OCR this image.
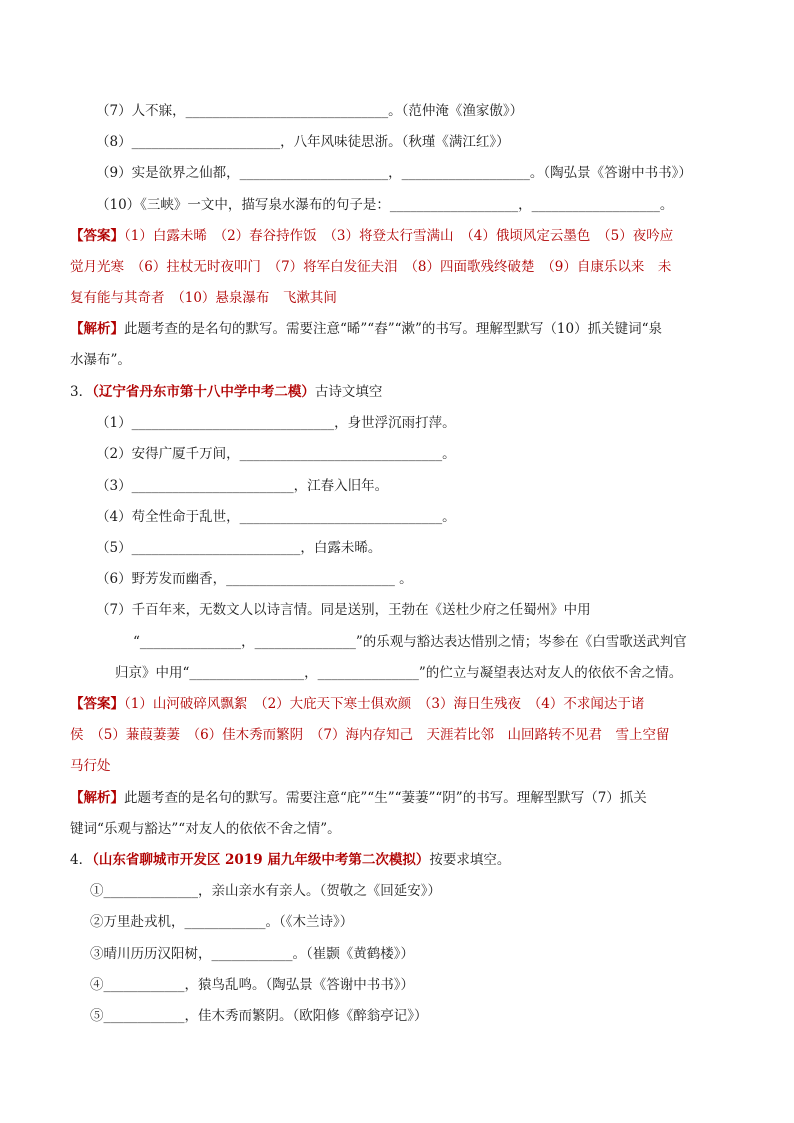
（7）人不寐，______________________________。（范仲淹《渔家傲》）
（8）______________________，八年风味徒思浙。（秋瑾《满江红》）
（9）实是欲界之仙都，______________________，___________________。（陶弘景《答谢中书书》）
（10）《三峡》一文中，描写泉水瀑布的句子是：___________________，___________________。
【答案】（1）白露未晞　（2）春谷持作饭　（3）将登太行雪满山　（4）俄顷风定云墨色　（5）夜吟应
觉月光寒　（6）拄杖无时夜叩门　（7）将军白发征夫泪　（8）四面歌残终破楚　（9）自康乐以来　未
复有能与其奇者　（10）悬泉瀑布　飞漱其间
【解析】此题考查的是名句的默写。需要注意“晞”“舂”“漱”的书写。理解型默写（10）抓关键词“泉
水瀑布”。
3．（辽宁省丹东市第十八中学中考二模）古诗文填空
（1）______________________________，身世浮沉雨打萍。
（2）安得广厦千万间，______________________________。
（3）________________________，江春入旧年。
（4）苟全性命于乱世，______________________________。
（5）_________________________，白露未晞。
（6）野芳发而幽香，_________________________ 。
（7）千百年来，无数文人以诗言情。同是送别，王勃在《送杜少府之任蜀州》中用
“_______________，_______________”的乐观与豁达表达惜别之情；岑参在《白雪歌送武判官
归京》中用“_________________，_______________”的伫立与凝望表达对友人的依依不舍之情。
【答案】（1）山河破碎风飘絮　（2）大庇天下寒士俱欢颜　（3）海日生残夜　（4）不求闻达于诸
侯　（5）蒹葭萋萋　（6）佳木秀而繁阴　（7）海内存知己　天涯若比邻　山回路转不见君　雪上空留
马行处
【解析】此题考查的是名句的默写。需要注意“庇”“生”“萋萋”“阴”的书写。理解型默写（7）抓关
键词“乐观与豁达”“对友人的依依不舍之情”。
4．（山东省聊城市开发区 2019 届九年级中考第二次模拟）按要求填空。
①______________，亲山亲水有亲人。（贺敬之《回延安》）
②万里赴戎机，____________。（《木兰诗》）
③晴川历历汉阳树，____________。（崔颢《黄鹤楼》）
④____________，猿鸟乱鸣。（陶弘景《答谢中书书》）
⑤____________，佳木秀而繁阴。（欧阳修《醉翁亭记》）
